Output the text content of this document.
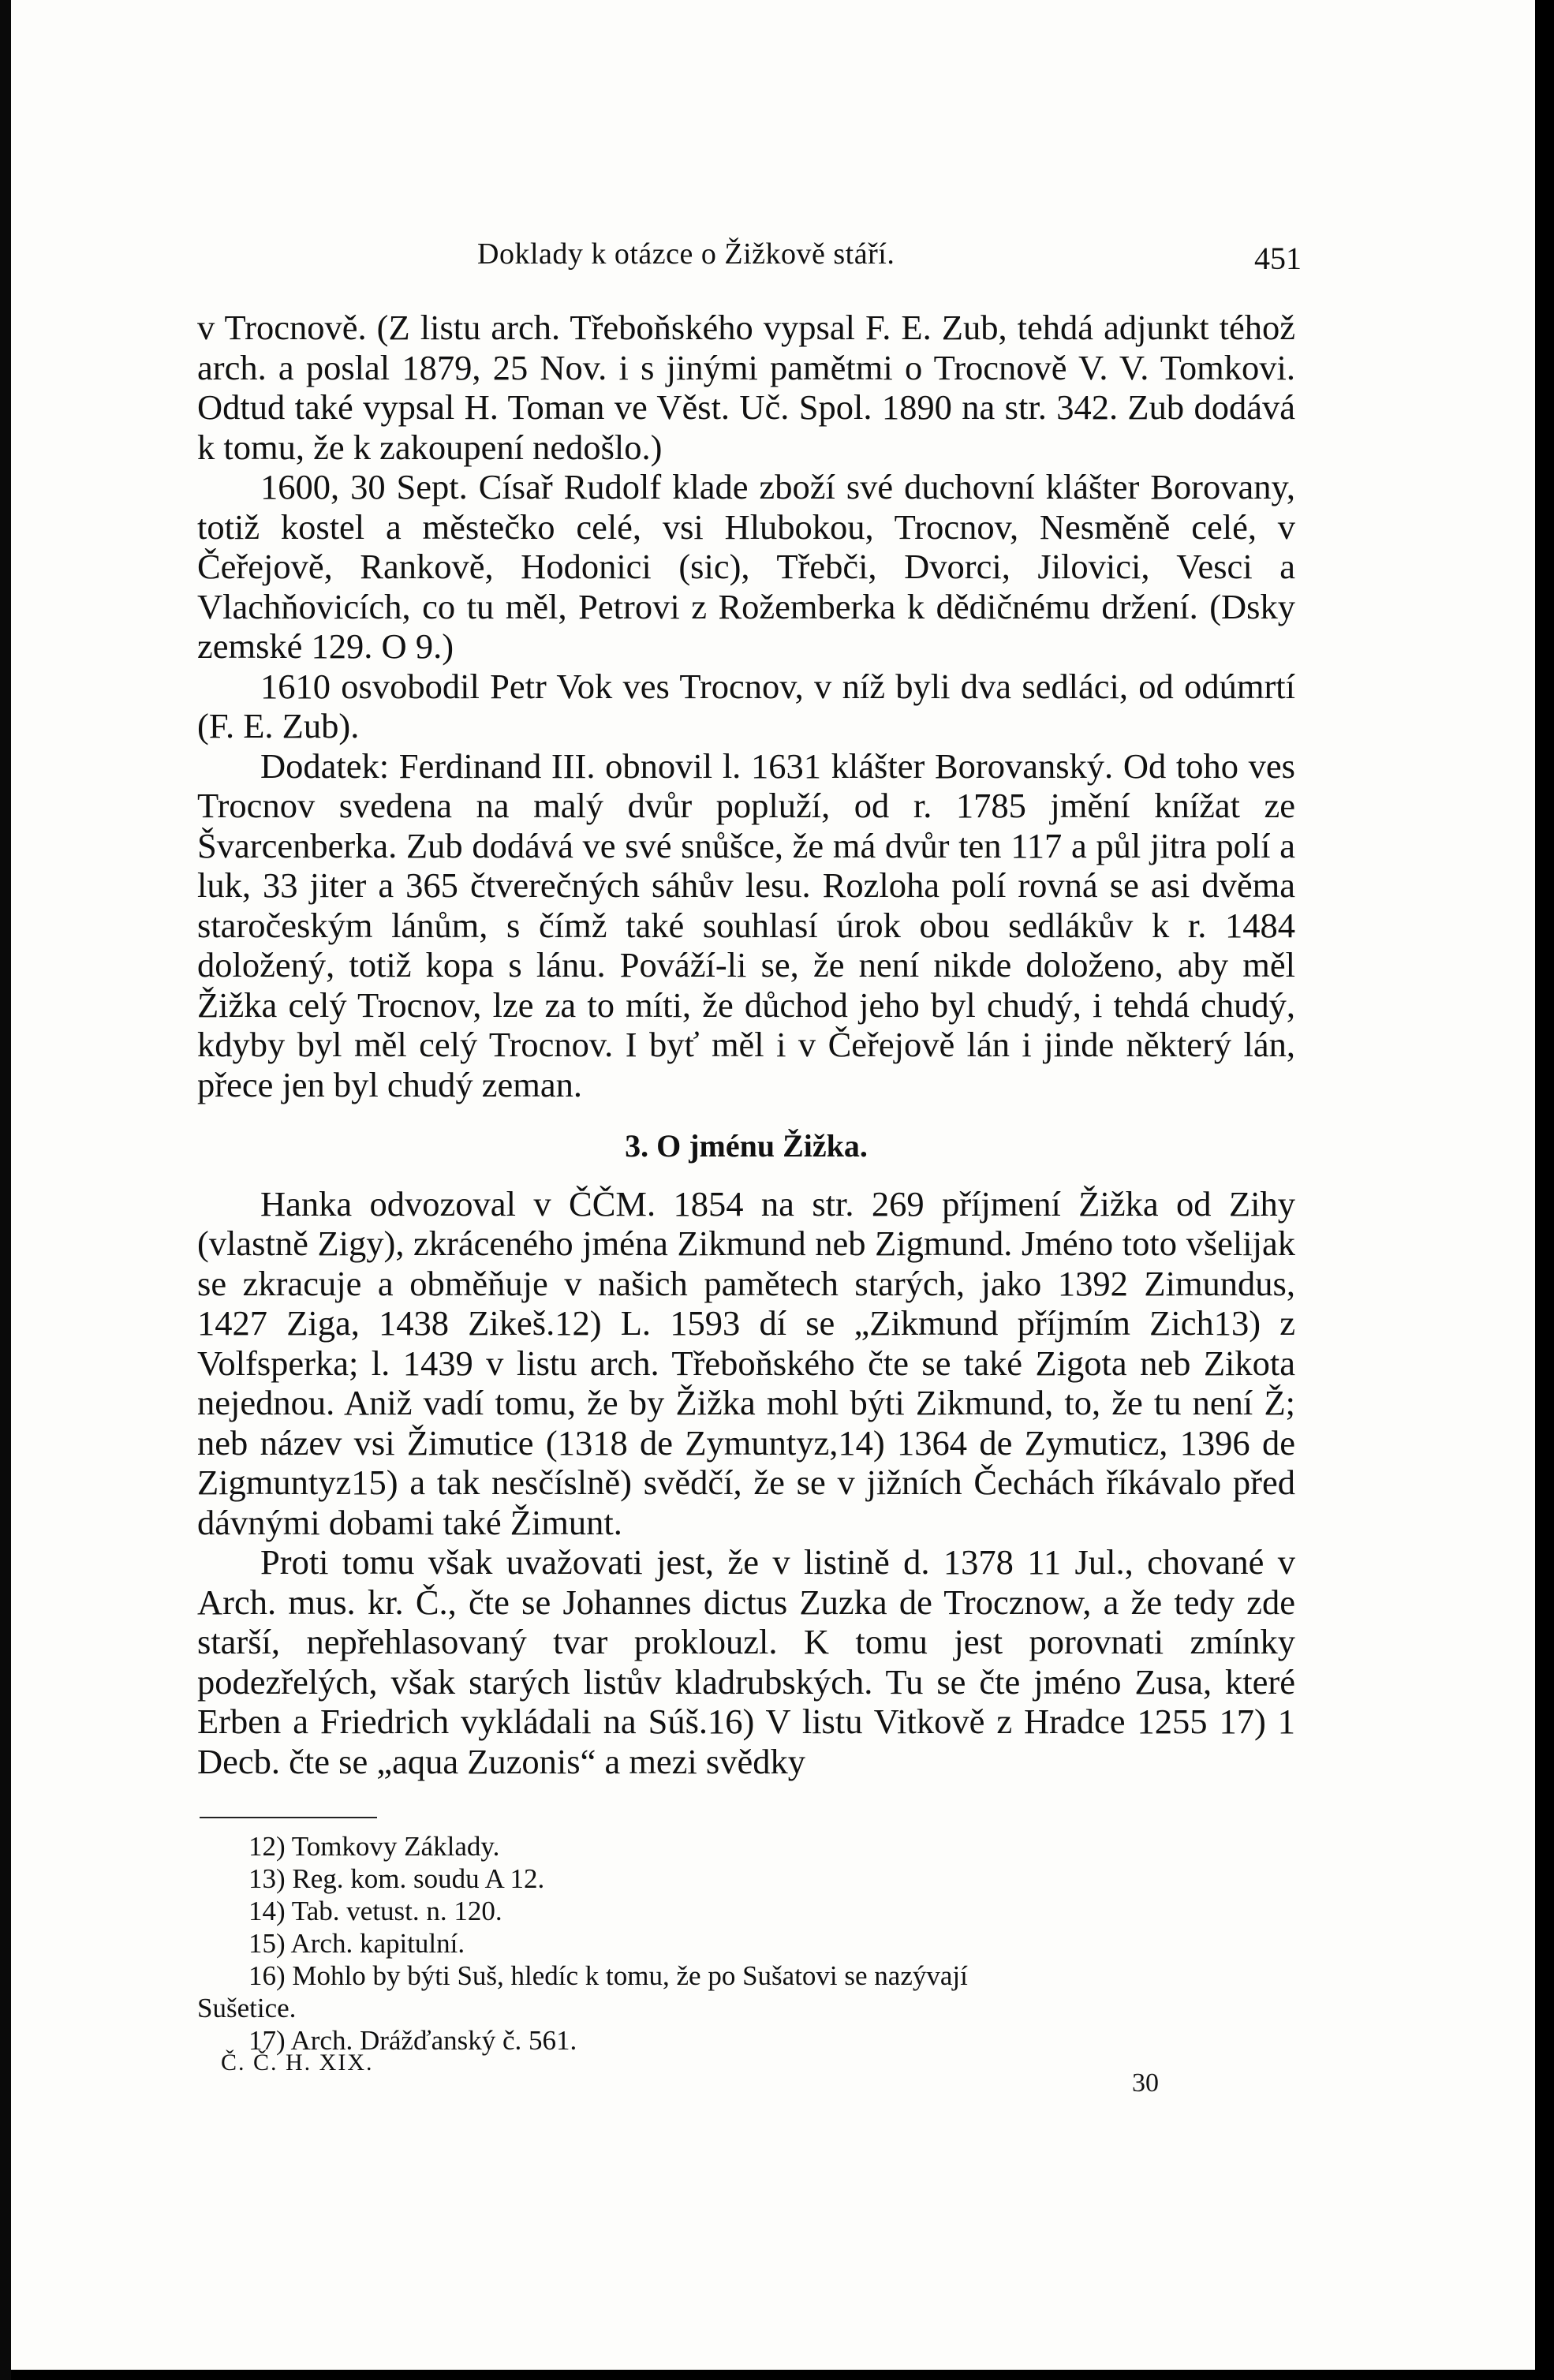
Doklady k otázce o Žižkově stáří.	451

v Trocnově. (Z listu arch. Třeboňského vypsal F. E. Zub, tehdá adjunkt téhož arch. a poslal 1879, 25 Nov. i s jinými pamětmi o Trocnově V. V. Tomkovi. Odtud také vypsal H. Toman ve Věst. Uč. Spol. 1890 na str. 342. Zub dodává k tomu, že k zakoupení nedošlo.)

1600, 30 Sept. Císař Rudolf klade zboží své duchovní klášter Borovany, totiž kostel a městečko celé, vsi Hlubokou, Trocnov, Nesměně celé, v Čeřejově, Rankově, Hodonici (sic), Třebči, Dvorci, Jilovici, Vesci a Vlachňovicích, co tu měl, Petrovi z Rožemberka k dědičnému držení. (Dsky zemské 129. O 9.)

1610 osvobodil Petr Vok ves Trocnov, v níž byli dva sedláci, od odúmrtí (F. E. Zub).

Dodatek: Ferdinand III. obnovil l. 1631 klášter Borovanský. Od toho ves Trocnov svedena na malý dvůr popluží, od r. 1785 jmění knížat ze Švarcenberka. Zub dodává ve své snůšce, že má dvůr ten 117 a půl jitra polí a luk, 33 jiter a 365 čtverečných sáhův lesu. Rozloha polí rovná se asi dvěma staročeským lánům, s čímž také souhlasí úrok obou sedlákův k r. 1484 doložený, totiž kopa s lánu. Pováží-li se, že není nikde doloženo, aby měl Žižka celý Trocnov, lze za to míti, že důchod jeho byl chudý, i tehdá chudý, kdyby byl měl celý Trocnov. I byť měl i v Čeřejově lán i jinde některý lán, přece jen byl chudý zeman.

3. O jménu Žižka.

Hanka odvozoval v ČČM. 1854 na str. 269 příjmení Žižka od Zihy (vlastně Zigy), zkráceného jména Zikmund neb Zigmund. Jméno toto všelijak se zkracuje a obměňuje v našich pamětech starých, jako 1392 Zimundus, 1427 Ziga, 1438 Zikeš.12) L. 1593 dí se „Zikmund příjmím Zich13) z Volfsperka; l. 1439 v listu arch. Třeboňského čte se také Zigota neb Zikota nejednou. Aniž vadí tomu, že by Žižka mohl býti Zikmund, to, že tu není Ž; neb název vsi Žimutice (1318 de Zymuntyz,14) 1364 de Zymuticz, 1396 de Zigmuntyz15) a tak nesčíslně) svědčí, že se v jižních Čechách říkávalo před dávnými dobami také Žimunt.

Proti tomu však uvažovati jest, že v listině d. 1378 11 Jul., chované v Arch. mus. kr. Č., čte se Johannes dictus Zuzka de Trocznow, a že tedy zde starší, nepřehlasovaný tvar proklouzl. K tomu jest porovnati zmínky podezřelých, však starých listův kladrubských. Tu se čte jméno Zusa, které Erben a Friedrich vykládali na Súš.16) V listu Vitkově z Hradce 1255 17) 1 Decb. čte se „aqua Zuzonis“ a mezi svědky

12) Tomkovy Základy.

13) Reg. kom. soudu A 12.

14) Tab. vetust. n. 120.

15) Arch. kapitulní.

16) Mohlo by býti Suš, hledíc k tomu, že po Sušatovi se nazývají

Sušetice.

17) Arch. Drážďanský č. 561.

Č. Č. H. XIX.
30
